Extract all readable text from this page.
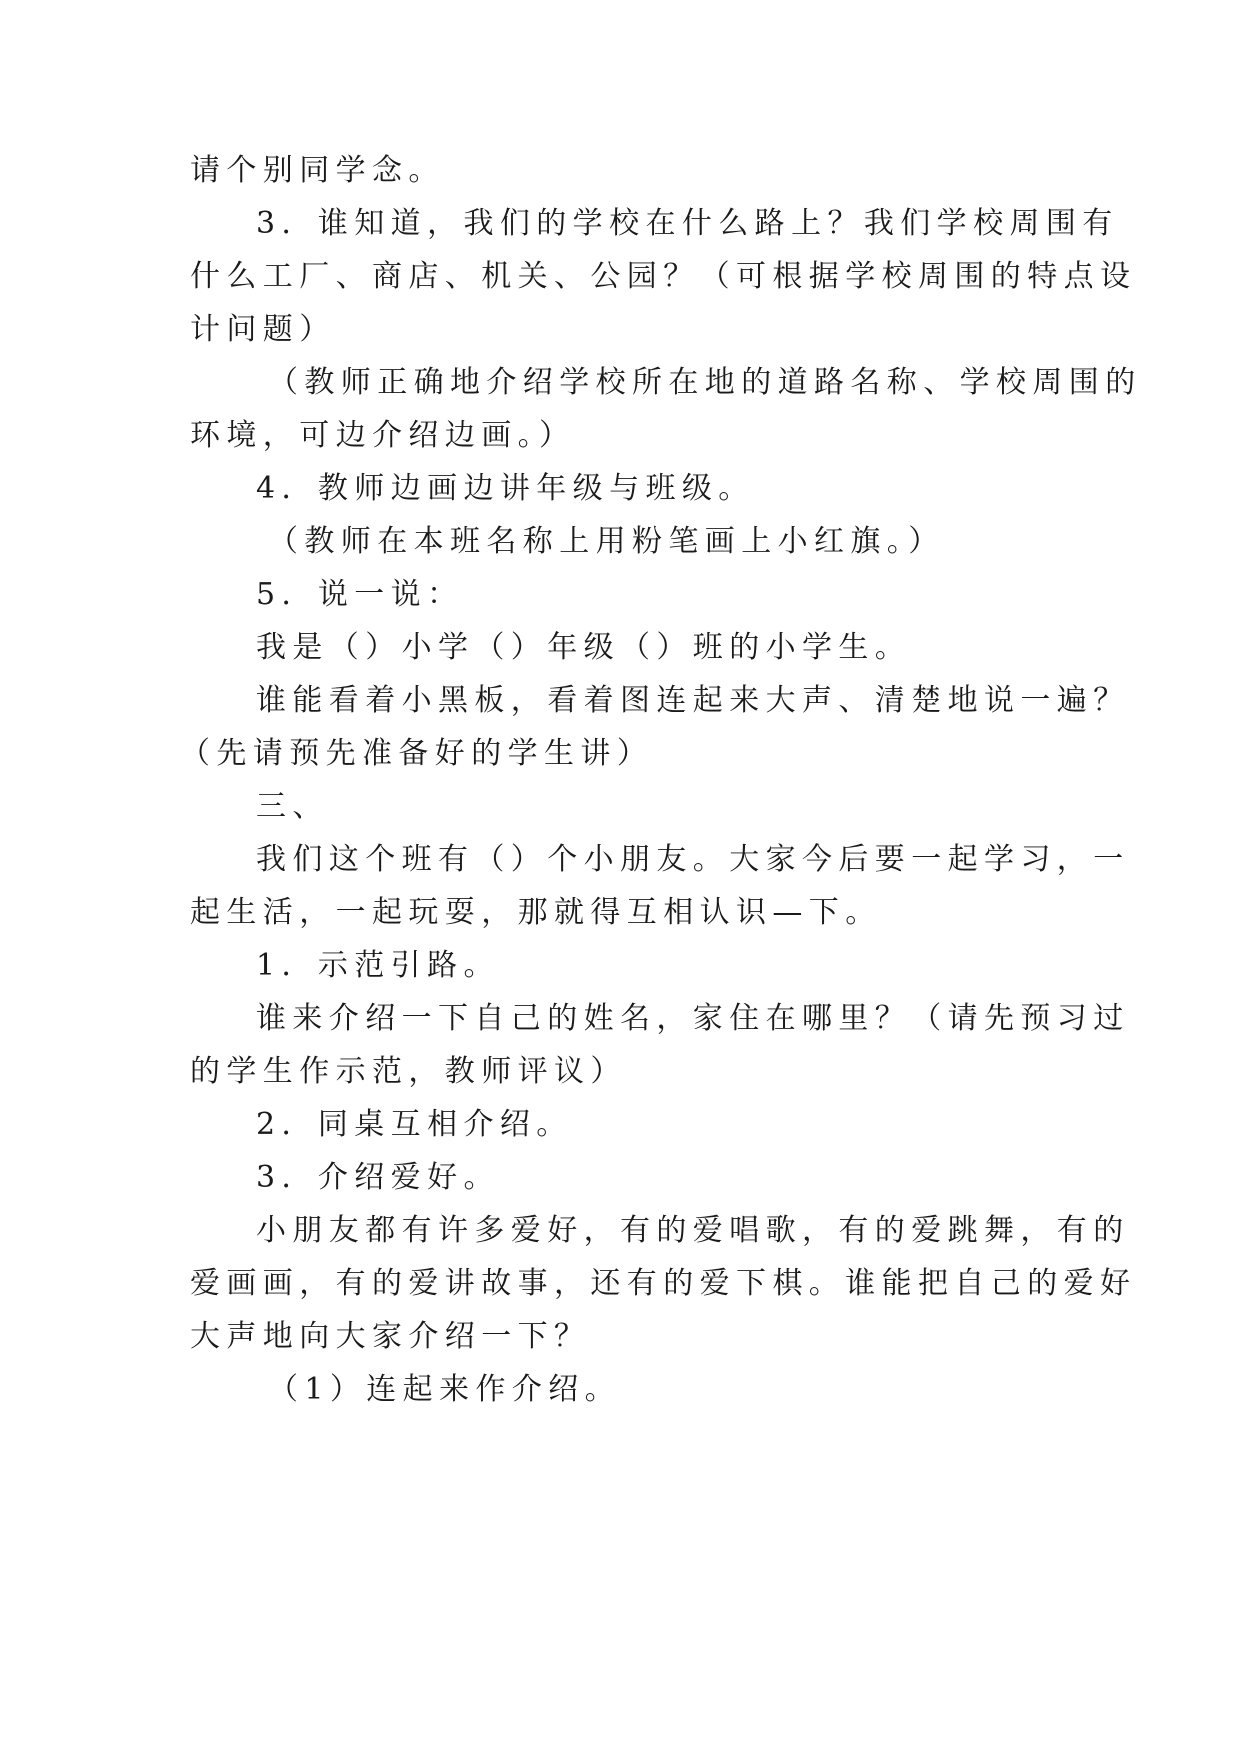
请个别同学念。
3．谁知道，我们的学校在什么路上？我们学校周围有
什么工厂、商店、机关、公园？（可根据学校周围的特点设
计问题）
（教师正确地介绍学校所在地的道路名称、学校周围的
环境，可边介绍边画。）
4．教师边画边讲年级与班级。
（教师在本班名称上用粉笔画上小红旗。）
5．说一说：
我是（）小学（）年级（）班的小学生。
谁能看着小黑板，看着图连起来大声、清楚地说一遍？
（先请预先准备好的学生讲）
三、
我们这个班有（）个小朋友。大家今后要一起学习，一
起生活，一起玩耍，那就得互相认识—下。
1．示范引路。
谁来介绍一下自己的姓名，家住在哪里？（请先预习过
的学生作示范，教师评议）
2．同桌互相介绍。
3．介绍爱好。
小朋友都有许多爱好，有的爱唱歌，有的爱跳舞，有的
爱画画，有的爱讲故事，还有的爱下棋。谁能把自己的爱好
大声地向大家介绍一下？
（1）连起来作介绍。
